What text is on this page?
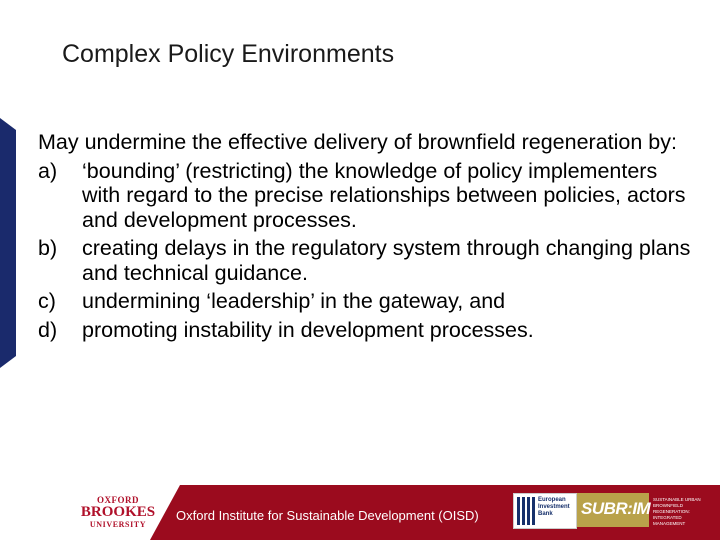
Complex Policy Environments
May undermine the effective delivery of brownfield regeneration by:
a)	‘bounding’ (restricting) the knowledge of policy implementers with regard to the precise relationships between policies, actors and development processes.
b)	creating delays in the regulatory system through changing plans and technical guidance.
c)	undermining ‘leadership’ in the gateway, and
d)	promoting instability in development processes.
OXFORD
BROOKES
UNIVERSITY
Oxford Institute for Sustainable Development (OISD)
European
Investment
Bank	SUBR:IM SUSTAINABLE URBAN BROWNFIELD REGENERATION: INTEGRATED MANAGEMENT
